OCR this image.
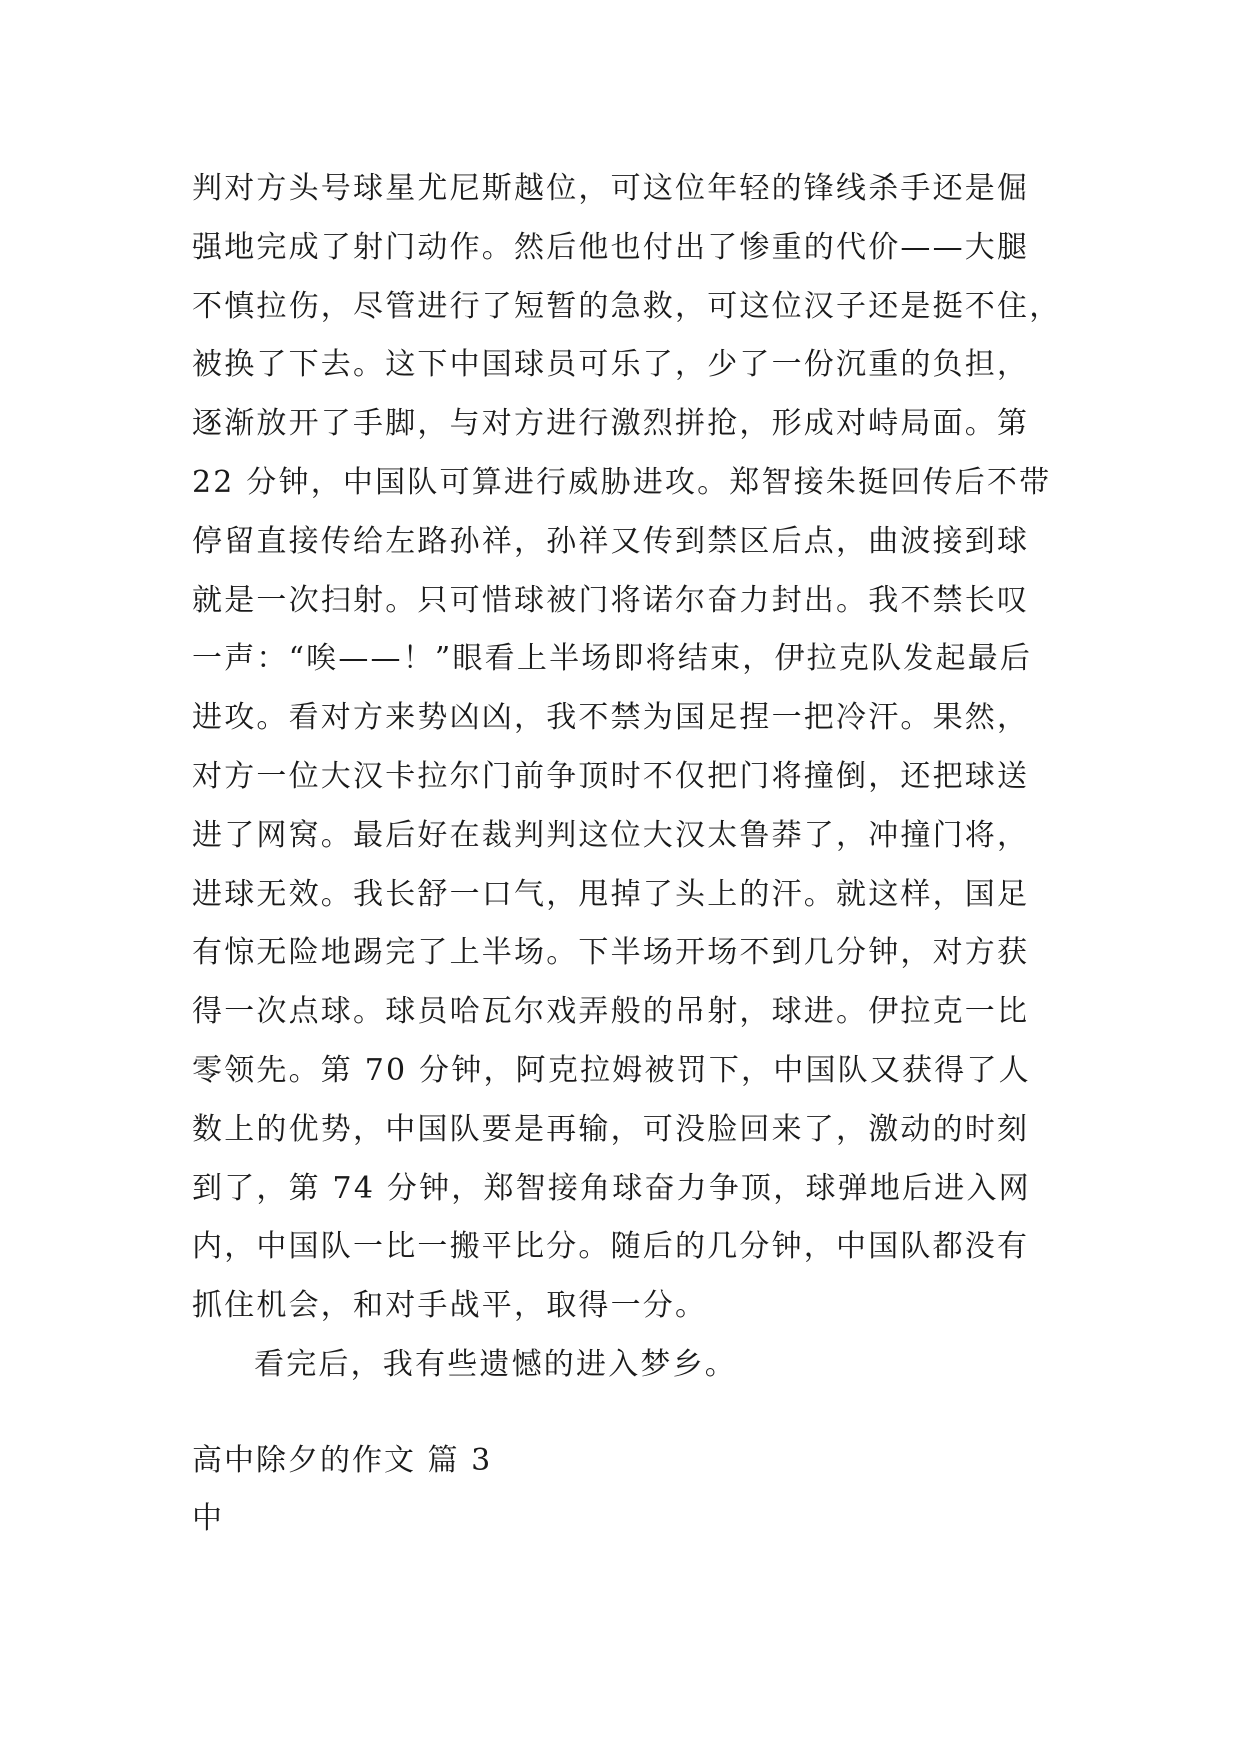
判对方头号球星尤尼斯越位，可这位年轻的锋线杀手还是倔
强地完成了射门动作。然后他也付出了惨重的代价——大腿
不慎拉伤，尽管进行了短暂的急救，可这位汉子还是挺不住，
被换了下去。这下中国球员可乐了，少了一份沉重的负担，
逐渐放开了手脚，与对方进行激烈拼抢，形成对峙局面。第
22 分钟，中国队可算进行威胁进攻。郑智接朱挺回传后不带
停留直接传给左路孙祥，孙祥又传到禁区后点，曲波接到球
就是一次扫射。只可惜球被门将诺尔奋力封出。我不禁长叹
一声：“唉——！”眼看上半场即将结束，伊拉克队发起最后
进攻。看对方来势凶凶，我不禁为国足捏一把冷汗。果然，
对方一位大汉卡拉尔门前争顶时不仅把门将撞倒，还把球送
进了网窝。最后好在裁判判这位大汉太鲁莽了，冲撞门将，
进球无效。我长舒一口气，甩掉了头上的汗。就这样，国足
有惊无险地踢完了上半场。下半场开场不到几分钟，对方获
得一次点球。球员哈瓦尔戏弄般的吊射，球进。伊拉克一比
零领先。第 70 分钟，阿克拉姆被罚下，中国队又获得了人
数上的优势，中国队要是再输，可没脸回来了，激动的时刻
到了，第 74 分钟，郑智接角球奋力争顶，球弹地后进入网
内，中国队一比一搬平比分。随后的几分钟，中国队都没有
抓住机会，和对手战平，取得一分。
看完后，我有些遗憾的进入梦乡。
高中除夕的作文 篇 3
中
